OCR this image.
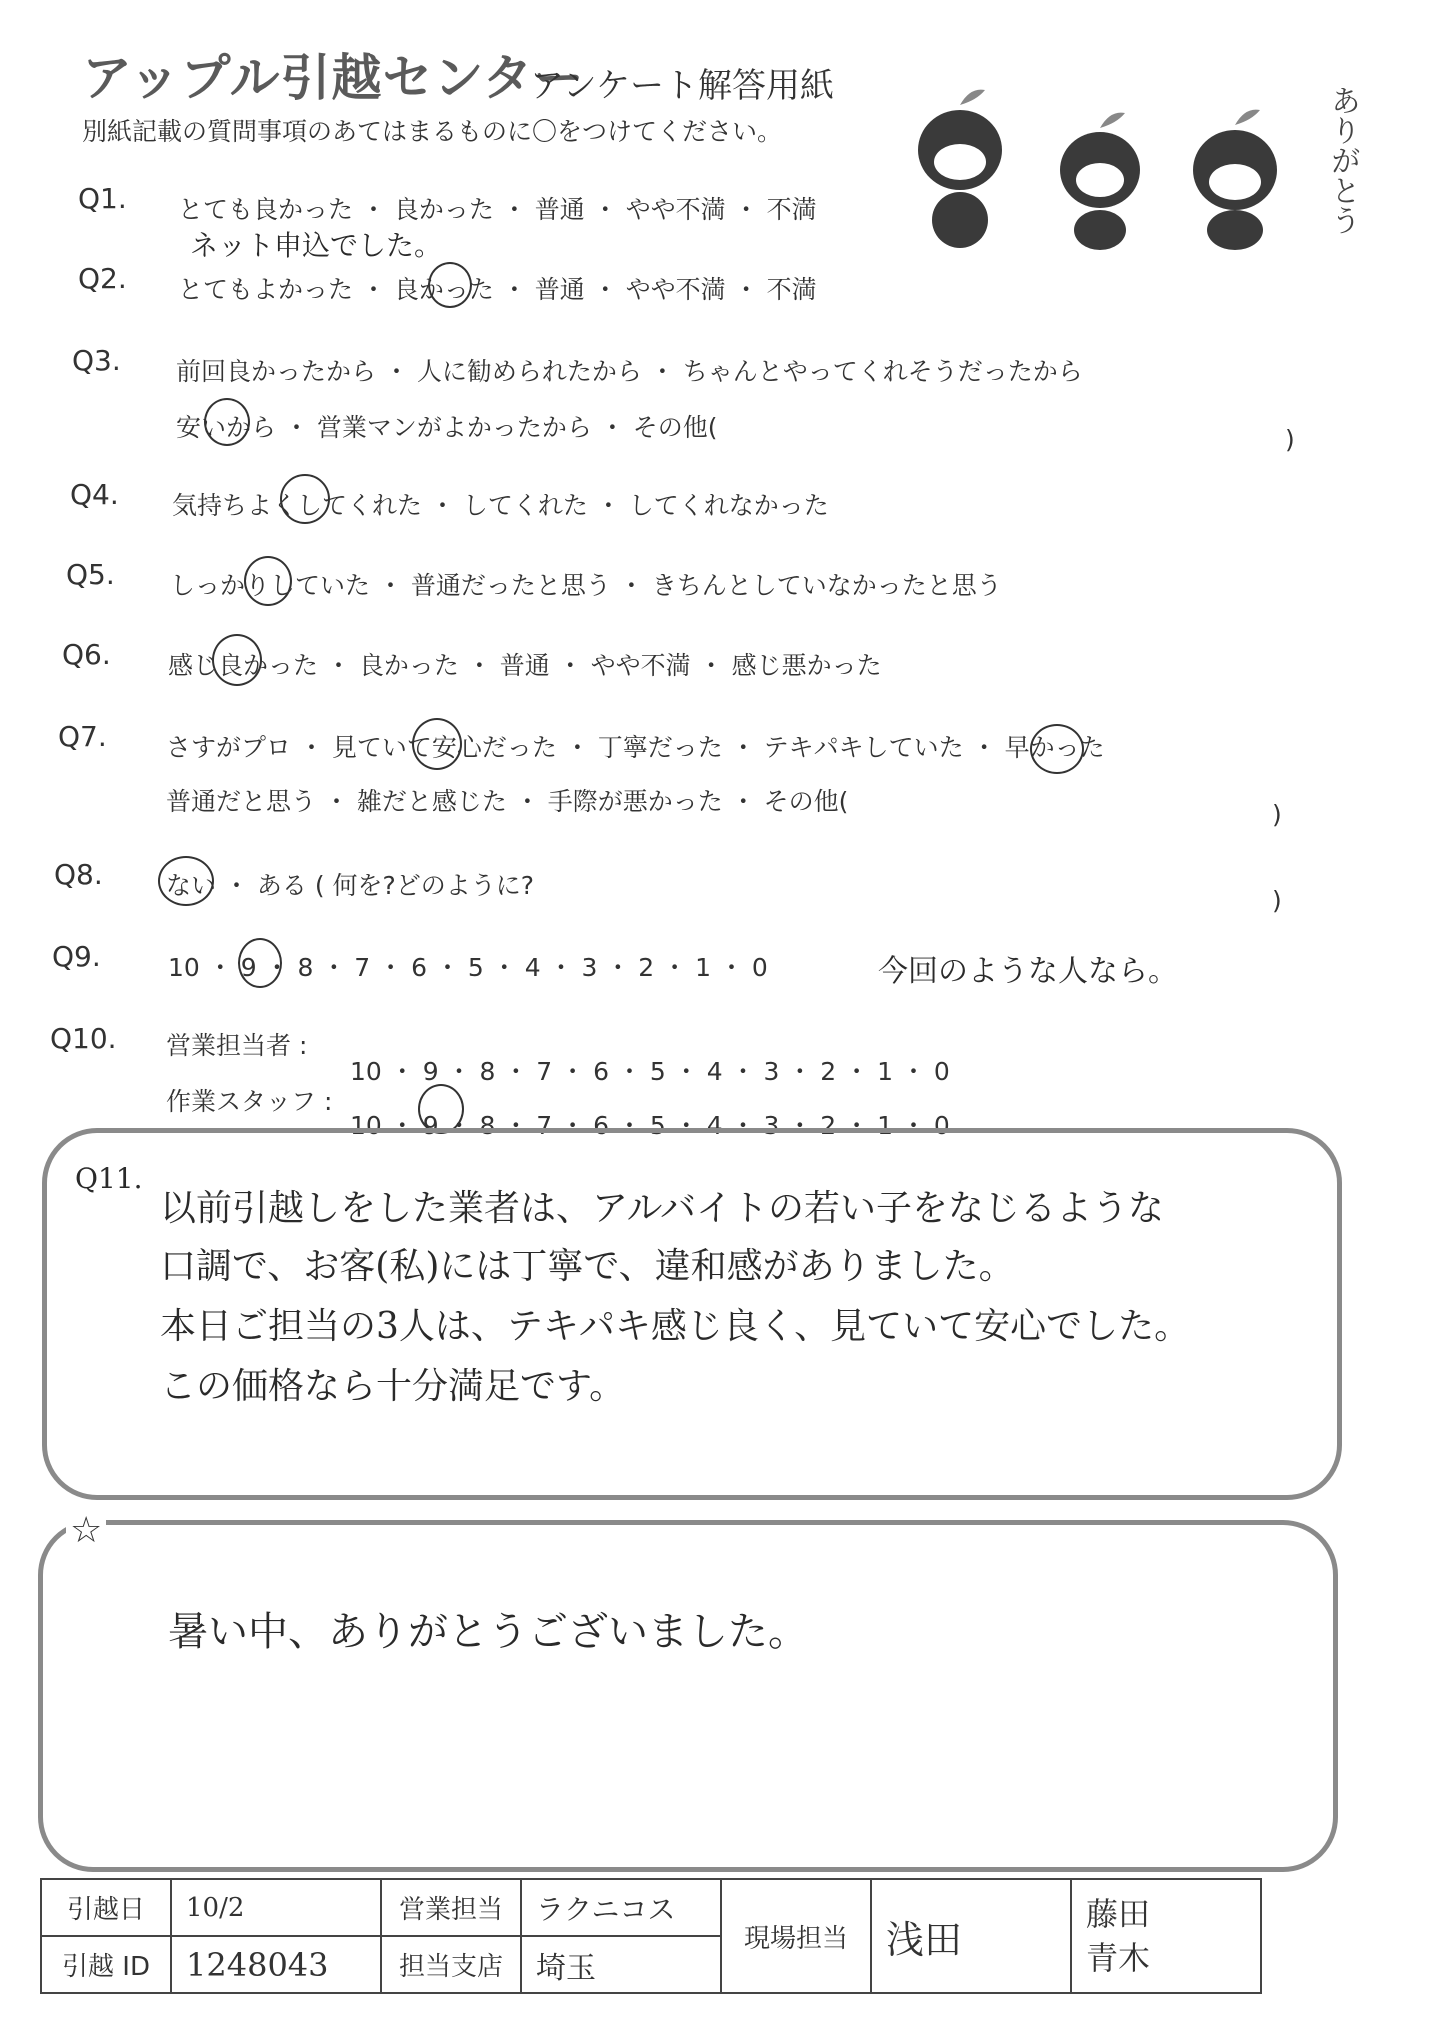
アップル引越センター
アンケート解答用紙
別紙記載の質問事項のあてはまるものに〇をつけてください。	ありがとう
Q1. とても良かった ・ 良かった ・ 普通 ・ やや不満 ・ 不満
ネット申込でした。
Q2. とてもよかった ・ 良かった ・ 普通 ・ やや不満 ・ 不満
Q3. 前回良かったから ・ 人に勧められたから ・ ちゃんとやってくれそうだったから
安いから ・ 営業マンがよかったから ・ その他(	)
Q4. 気持ちよくしてくれた ・ してくれた ・ してくれなかった
Q5. しっかりしていた ・ 普通だったと思う ・ きちんとしていなかったと思う
Q6. 感じ良かった ・ 良かった ・ 普通 ・ やや不満 ・ 感じ悪かった
Q7. さすがプロ ・ 見ていて安心だった ・ 丁寧だった ・ テキパキしていた ・ 早かった
普通だと思う ・ 雑だと感じた ・ 手際が悪かった ・ その他(	)
Q8.	ない ・ ある ( 何を?どのように?
)
Q9.	10 ・ 9 ・ 8 ・ 7 ・ 6 ・ 5 ・ 4 ・ 3 ・ 2 ・ 1 ・ 0	今回のような人なら。
Q10. 営業担当者 :
10 ・ 9 ・ 8 ・ 7 ・ 6 ・ 5 ・ 4 ・ 3 ・ 2 ・ 1 ・ 0
作業スタッフ :
10 ・ 9 ・ 8 ・ 7 ・ 6 ・ 5 ・ 4 ・ 3 ・ 2 ・ 1 ・ 0
Q11.
以前引越しをした業者は、アルバイトの若い子をなじるような
口調で、お客(私)には丁寧で、違和感がありました。
本日ご担当の3人は、テキパキ感じ良く、見ていて安心でした。
この価格なら十分満足です。
☆
暑い中、ありがとうございました。
引越日	10/2	営業担当	ラクニコス	現場担当	浅田	藤田
青木

引越 ID	1248043	担当支店	埼玉			
